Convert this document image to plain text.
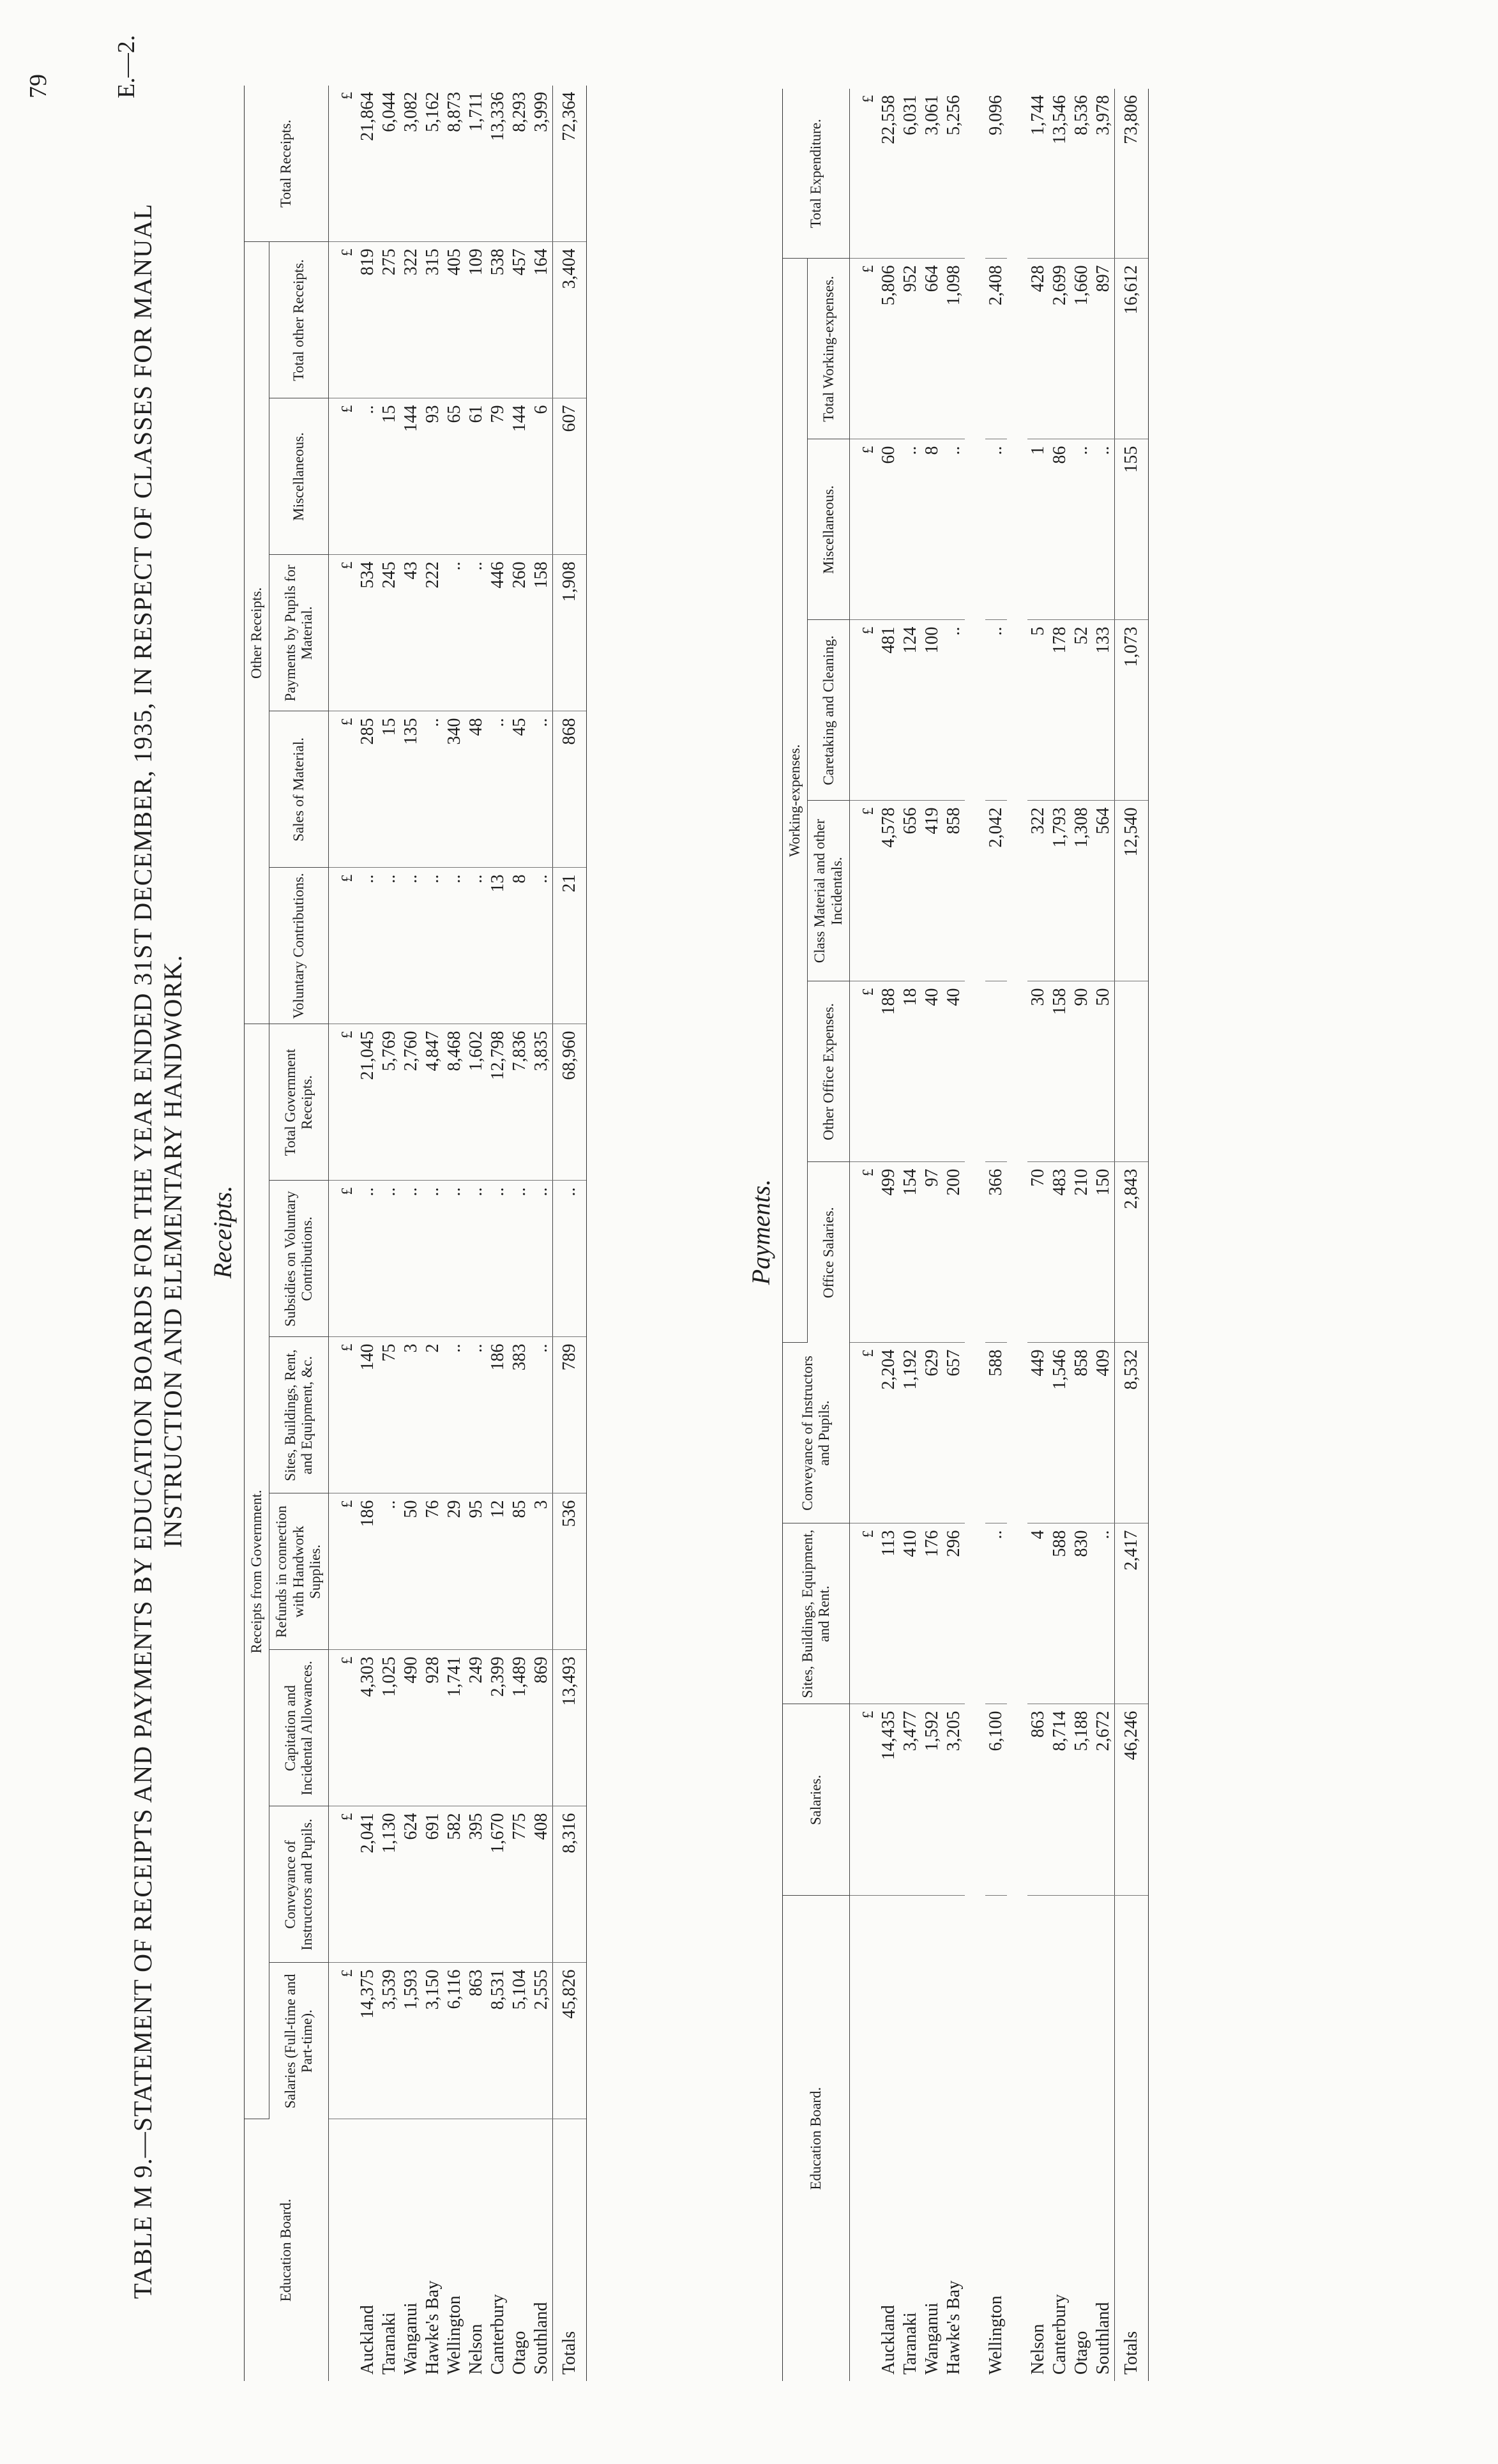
79	E.—2.
TABLE M 9.—STATEMENT OF RECEIPTS AND PAYMENTS BY EDUCATION BOARDS FOR THE YEAR ENDED 31ST DECEMBER, 1935, IN RESPECT OF CLASSES FOR MANUAL INSTRUCTION AND ELEMENTARY HANDWORK. Receipts.
Education Board.	Receipts from Government.							Other Receipts.					Total Receipts.
	Salaries (Full-time and Part-time).	Conveyance of Instructors and Pupils.	Capitation and Incidental Allowances.	Refunds in connection with Handwork Supplies.	Sites, Buildings, Rent, and Equipment, &c.	Subsidies on Voluntary Contributions.	Total Government Receipts.	Voluntary Contributions.	Sales of Material.	Payments by Pupils for Material.	Miscellaneous.	Total other Receipts.	
	£	£	£	£	£	£	£	£	£	£	£	£	£
Auckland	14,375	2,041	4,303	186	140	..	21,045	..	285	534	..	819	21,864
Taranaki	3,539	1,130	1,025	..	75	..	5,769	..	15	245	15	275	6,044
Wanganui	1,593	624	490	50	3	..	2,760	..	135	43	144	322	3,082
Hawke's Bay	3,150	691	928	76	2	..	4,847	..	..	222	93	315	5,162
Wellington	6,116	582	1,741	29	..	..	8,468	..	340	..	65	405	8,873
Nelson	863	395	249	95	..	..	1,602	..	48	..	61	109	1,711
Canterbury	8,531	1,670	2,399	12	186	..	12,798	13	..	446	79	538	13,336
Otago	5,104	775	1,489	85	383	..	7,836	8	45	260	144	457	8,293
Southland	2,555	408	869	3	..	..	3,835	..	..	158	6	164	3,999
Totals	45,826	8,316	13,493	536	789	..	68,960	21	868	1,908	607	3,404	72,364
Payments.
Education Board.	Salaries.	Sites, Buildings, Equipment, and Rent.	Conveyance of Instructors and Pupils.	Working-expenses.						Total Expenditure.
				Office Salaries.	Other Office Expenses.	Class Material and other Incidentals.	Caretaking and Cleaning.	Miscellaneous.	Total Working-expenses.	
	£	£	£	£	£	£	£	£	£	£
Auckland	14,435	113	2,204	499	188	4,578	481	60	5,806	22,558
Taranaki	3,477	410	1,192	154	18	656	124	..	952	6,031
Wanganui	1,592	176	629	97	40	419	100	8	664	3,061
Hawke's Bay	3,205	296	657	200	40	858	..	..	1,098	5,256

Wellington	6,100	..	588	366		2,042	..	..	2,408	9,096

Nelson	863	4	449	70	30	322	5	1	428	1,744
Canterbury	8,714	588	1,546	483	158	1,793	178	86	2,699	13,546
Otago	5,188	830	858	210	90	1,308	52	..	1,660	8,536
Southland	2,672	..	409	150	50	564	133	..	897	3,978
Totals	46,246	2,417	8,532	2,843		12,540	1,073	155	16,612	73,806
